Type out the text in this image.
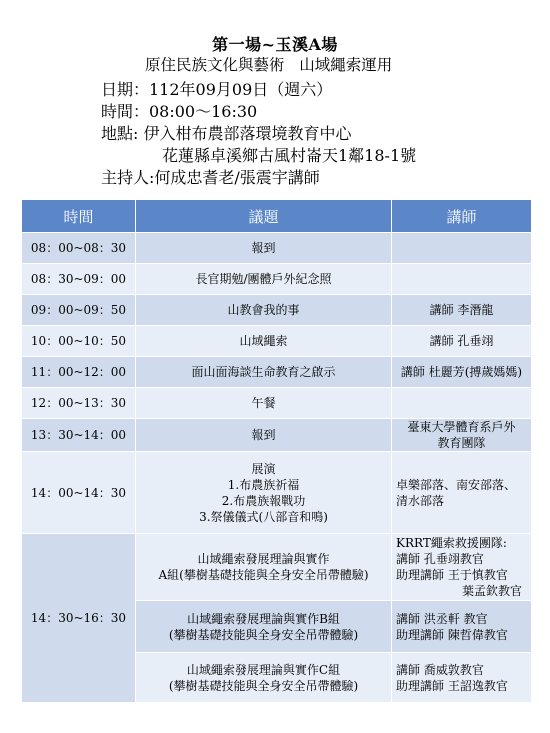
第一場~玉溪A場
原住民族文化與藝術   山域繩索運用
日期：112年09月09日（週六）
時間：08:00～16:30
地點: 伊入柑布農部落環境教育中心
花蓮縣卓溪鄉古風村崙天1鄰18-1號
主持人:何成忠耆老/張震宇講師
時間	議題	講師
08：00~08：30	報到	

08：30~09：00	長官期勉/團體戶外紀念照	

09：00~09：50	山教會我的事	講師 李潛龍

10：00~10：50	山域繩索	講師 孔垂翊

11：00~12：00	面山面海談生命教育之啟示	講師 杜麗芳(搏歲媽媽)

12：00~13：30	午餐	

13：30~14：00	報到	臺東大學體育系戶外
教育團隊

14：00~14：30	展演
1.布農族祈福
2.布農族報戰功
3.祭儀儀式(八部音和鳴)	卓樂部落、南安部落、
清水部落

14：30~16：30	山域繩索發展理論與實作
A組(攀樹基礎技能與全身安全吊帶體驗)	KRRT繩索救援團隊:
講師 孔垂翊教官
助理講師 王于慎教官
葉孟欽教官

	山域繩索發展理論與實作B組
(攀樹基礎技能與全身安全吊帶體驗)	講師 洪丞軒 教官
助理講師 陳哲偉教官

	山域繩索發展理論與實作C組
(攀樹基礎技能與全身安全吊帶體驗)	講師 喬威敦教官
助理講師 王詔逸教官
